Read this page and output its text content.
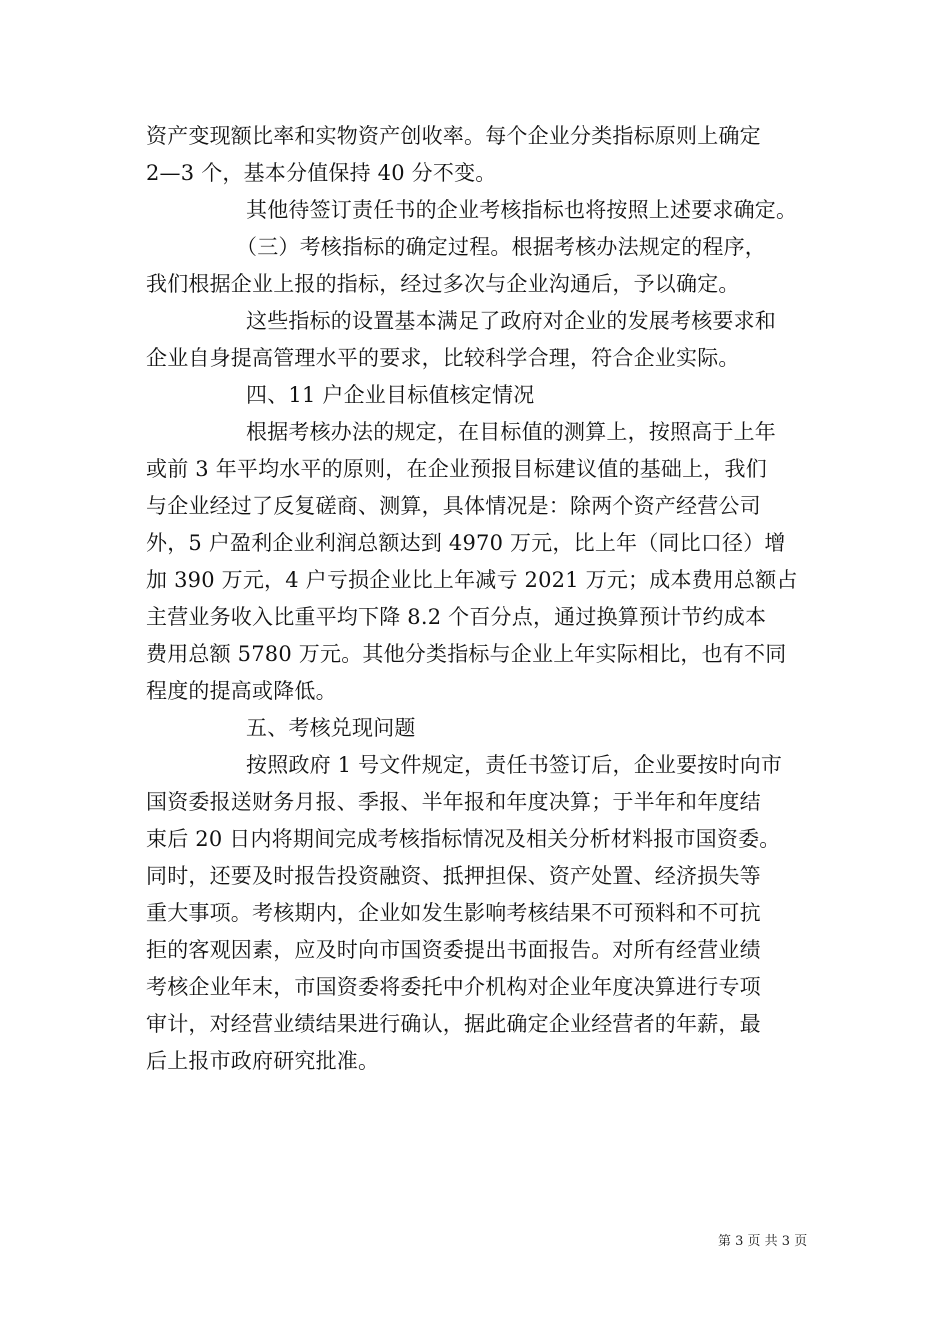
资产变现额比率和实物资产创收率。每个企业分类指标原则上确定
2—3 个，基本分值保持 40 分不变。
其他待签订责任书的企业考核指标也将按照上述要求确定。
（三）考核指标的确定过程。根据考核办法规定的程序，
我们根据企业上报的指标，经过多次与企业沟通后，予以确定。
这些指标的设置基本满足了政府对企业的发展考核要求和
企业自身提高管理水平的要求，比较科学合理，符合企业实际。
四、11 户企业目标值核定情况
根据考核办法的规定，在目标值的测算上，按照高于上年
或前 3 年平均水平的原则，在企业预报目标建议值的基础上，我们
与企业经过了反复磋商、测算，具体情况是：除两个资产经营公司
外，5 户盈利企业利润总额达到 4970 万元，比上年（同比口径）增
加 390 万元，4 户亏损企业比上年减亏 2021 万元；成本费用总额占
主营业务收入比重平均下降 8.2 个百分点，通过换算预计节约成本
费用总额 5780 万元。其他分类指标与企业上年实际相比，也有不同
程度的提高或降低。
五、考核兑现问题
按照政府 1 号文件规定，责任书签订后，企业要按时向市
国资委报送财务月报、季报、半年报和年度决算；于半年和年度结
束后 20 日内将期间完成考核指标情况及相关分析材料报市国资委。
同时，还要及时报告投资融资、抵押担保、资产处置、经济损失等
重大事项。考核期内，企业如发生影响考核结果不可预料和不可抗
拒的客观因素，应及时向市国资委提出书面报告。对所有经营业绩
考核企业年末，市国资委将委托中介机构对企业年度决算进行专项
审计，对经营业绩结果进行确认，据此确定企业经营者的年薪，最
后上报市政府研究批准。
第 3 页 共 3 页
